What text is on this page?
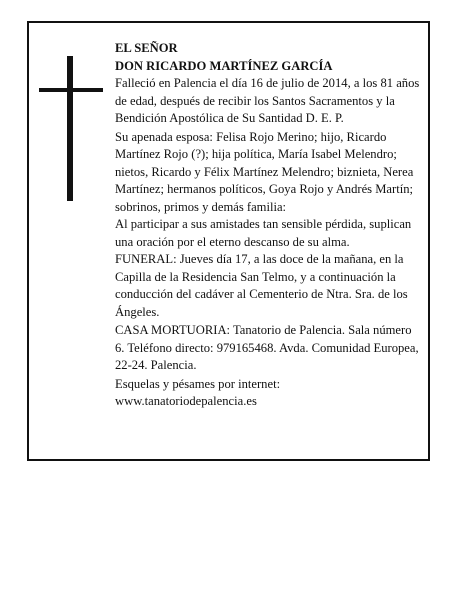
EL SEÑOR

DON RICARDO MARTÍNEZ GARCÍA

Falleció en Palencia el día 16 de julio de 2014, a los 81 años de edad, después de recibir los Santos Sacramentos y la Bendición Apostólica de Su Santidad D. E. P.

Su apenada esposa: Felisa Rojo Merino; hijo, Ricardo Martínez Rojo (?); hija política, María Isabel Melendro; nietos, Ricardo y Félix Martínez Melendro; biznieta, Nerea Martínez; hermanos políticos, Goya Rojo y Andrés Martín; sobrinos, primos y demás familia:

Al participar a sus amistades tan sensible pérdida, suplican una oración por el eterno descanso de su alma.

FUNERAL: Jueves día 17, a las doce de la mañana, en la Capilla de la Residencia San Telmo, y a continuación la conducción del cadáver al Cementerio de Ntra. Sra. de los Ángeles.

CASA MORTUORIA: Tanatorio de Palencia. Sala número 6. Teléfono directo: 979165468. Avda. Comunidad Europea, 22-24. Palencia.

Esquelas y pésames por internet: www.tanatoriodepalencia.es
